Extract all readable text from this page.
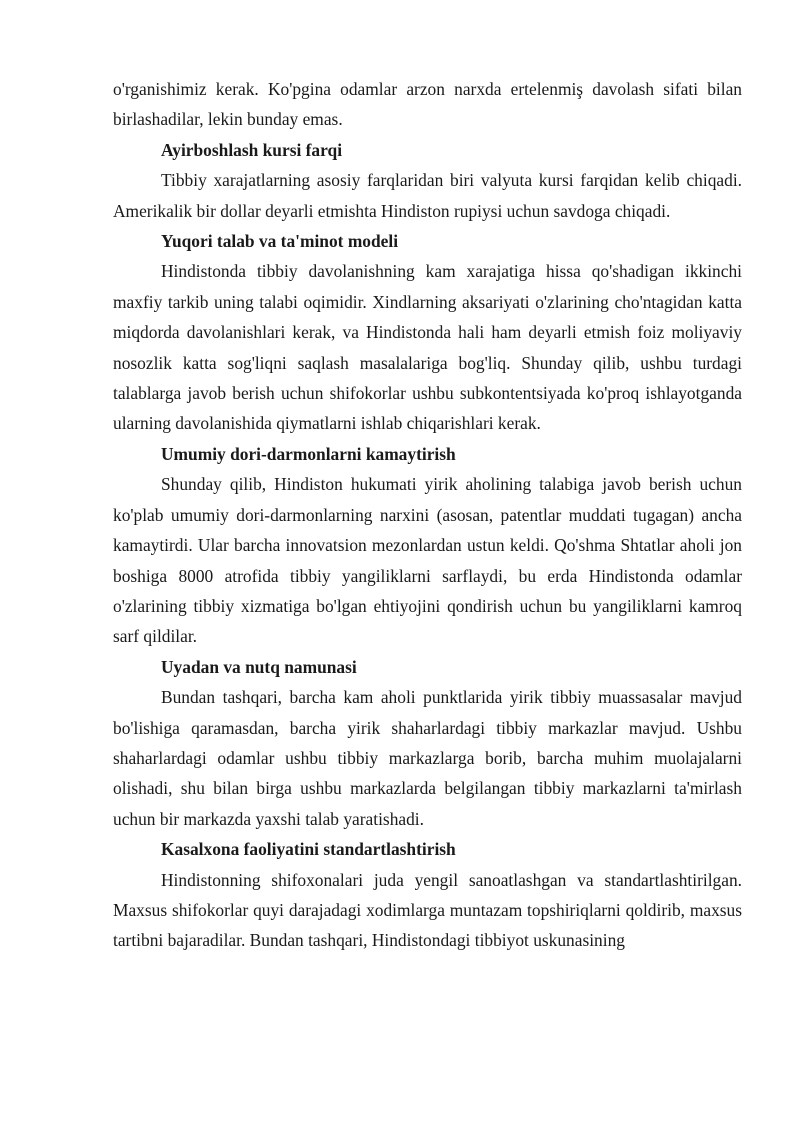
o'rganishimiz kerak. Ko'pgina odamlar arzon narxda ertelenmiş davolash sifati bilan birlashadilar, lekin bunday emas.

Ayirboshlash kursi farqi

Tibbiy xarajatlarning asosiy farqlaridan biri valyuta kursi farqidan kelib chiqadi. Amerikalik bir dollar deyarli etmishta Hindiston rupiysi uchun savdoga chiqadi.

Yuqori talab va ta'minot modeli

Hindistonda tibbiy davolanishning kam xarajatiga hissa qo'shadigan ikkinchi maxfiy tarkib uning talabi oqimidir. Xindlarning aksariyati o'zlarining cho'ntagidan katta miqdorda davolanishlari kerak, va Hindistonda hali ham deyarli etmish foiz moliyaviy nosozlik katta sog'liqni saqlash masalalariga bog'liq. Shunday qilib, ushbu turdagi talablarga javob berish uchun shifokorlar ushbu subkontentsiyada ko'proq ishlayotganda ularning davolanishida qiymatlarni ishlab chiqarishlari kerak.

Umumiy dori-darmonlarni kamaytirish

Shunday qilib, Hindiston hukumati yirik aholining talabiga javob berish uchun ko'plab umumiy dori-darmonlarning narxini (asosan, patentlar muddati tugagan) ancha kamaytirdi. Ular barcha innovatsion mezonlardan ustun keldi. Qo'shma Shtatlar aholi jon boshiga 8000 atrofida tibbiy yangiliklarni sarflaydi, bu erda Hindistonda odamlar o'zlarining tibbiy xizmatiga bo'lgan ehtiyojini qondirish uchun bu yangiliklarni kamroq sarf qildilar.

Uyadan va nutq namunasi

Bundan tashqari, barcha kam aholi punktlarida yirik tibbiy muassasalar mavjud bo'lishiga qaramasdan, barcha yirik shaharlardagi tibbiy markazlar mavjud. Ushbu shaharlardagi odamlar ushbu tibbiy markazlarga borib, barcha muhim muolajalarni olishadi, shu bilan birga ushbu markazlarda belgilangan tibbiy markazlarni ta'mirlash uchun bir markazda yaxshi talab yaratishadi.

Kasalxona faoliyatini standartlashtirish

Hindistonning shifoxonalari juda yengil sanoatlashgan va standartlashtirilgan. Maxsus shifokorlar quyi darajadagi xodimlarga muntazam topshiriqlarni qoldirib, maxsus tartibni bajaradilar. Bundan tashqari, Hindistondagi tibbiyot uskunasining
